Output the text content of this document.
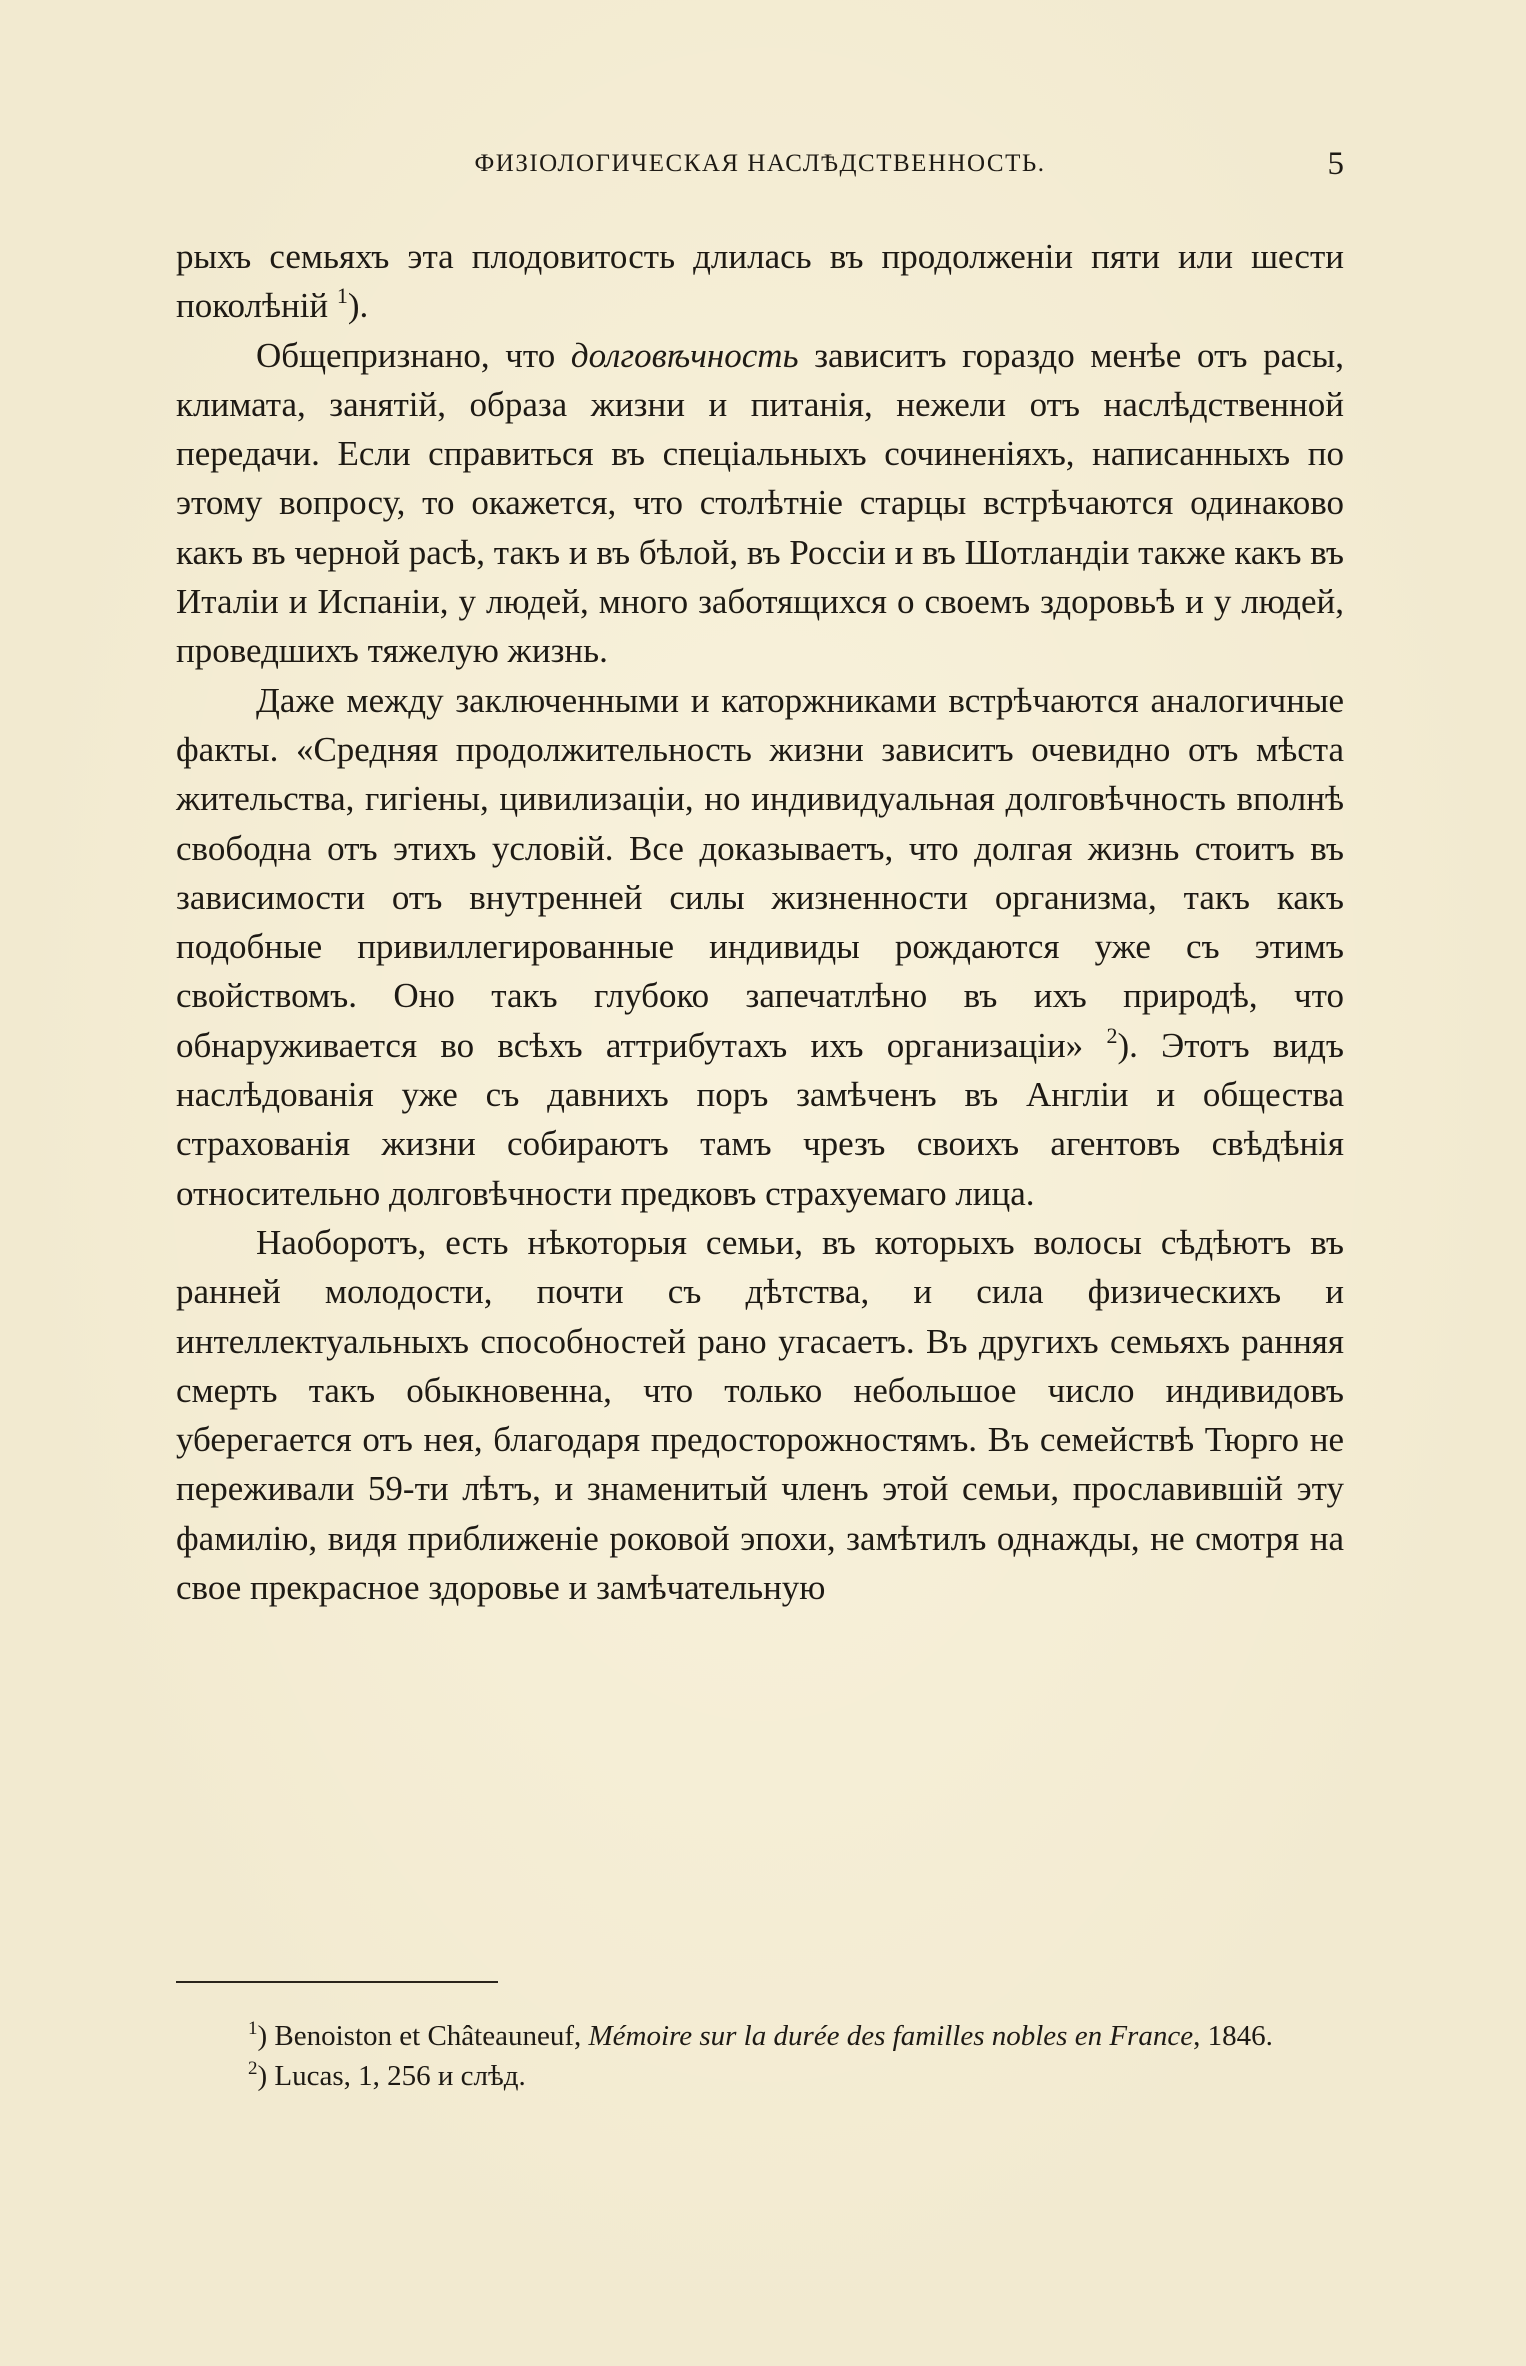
ФИЗІОЛОГИЧЕСКАЯ НАСЛѢДСТВЕННОСТЬ.	5

рыхъ семьяхъ эта плодовитость длилась въ продолженіи пяти или шести поколѣній $^1$).

Общепризнано, что долговѣчность зависитъ гораздо менѣе отъ расы, климата, занятій, образа жизни и питанія, нежели отъ наслѣдственной передачи. Если справиться въ спеціальныхъ сочиненіяхъ, написанныхъ по этому вопросу, то окажется, что столѣтніе старцы встрѣчаются одинаково какъ въ черной расѣ, такъ и въ бѣлой, въ Россіи и въ Шотландіи также какъ въ Италіи и Испаніи, у людей, много заботящихся о своемъ здоровьѣ и у людей, проведшихъ тяжелую жизнь.

Даже между заключенными и каторжниками встрѣчаются аналогичные факты. «Средняя продолжительность жизни зависитъ очевидно отъ мѣста жительства, гигіены, цивилизаціи, но индивидуальная долговѣчность вполнѣ свободна отъ этихъ условій. Все доказываетъ, что долгая жизнь стоитъ въ зависимости отъ внутренней силы жизненности организма, такъ какъ подобные привиллегированные индивиды рождаются уже съ этимъ свойствомъ. Оно такъ глубоко запечатлѣно въ ихъ природѣ, что обнаруживается во всѣхъ аттрибутахъ ихъ организаціи» $^2$). Этотъ видъ наслѣдованія уже съ давнихъ поръ замѣченъ въ Англіи и общества страхованія жизни собираютъ тамъ чрезъ своихъ агентовъ свѣдѣнія относительно долговѣчности предковъ страхуемаго лица.

Наоборотъ, есть нѣкоторыя семьи, въ которыхъ волосы сѣдѣютъ въ ранней молодости, почти съ дѣтства, и сила физическихъ и интеллектуальныхъ способностей рано угасаетъ. Въ другихъ семьяхъ ранняя смерть такъ обыкновенна, что только небольшое число индивидовъ уберегается отъ нея, благодаря предосторожностямъ. Въ семействѣ Тюрго не переживали 59-ти лѣтъ, и знаменитый членъ этой семьи, прославившій эту фамилію, видя приближеніе роковой эпохи, замѣтилъ однажды, не смотря на свое прекрасное здоровье и замѣчательную

$^1$) Benoiston et Châteauneuf, Mémoire sur la durée des familles nobles en France, 1846.

$^2$) Lucas, 1, 256 и слѣд.
